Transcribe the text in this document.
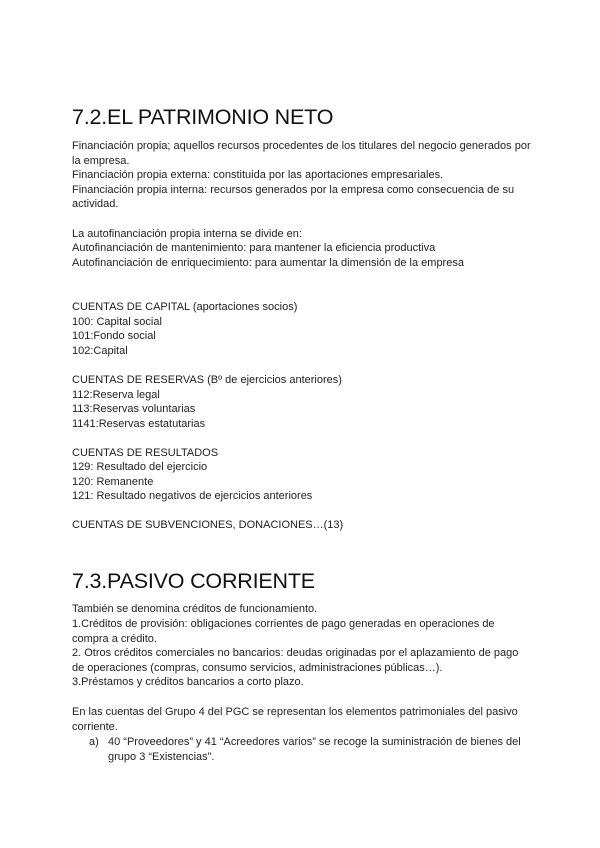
7.2.EL PATRIMONIO NETO

Financiación propia; aquellos recursos procedentes de los titulares del negocio generados por la empresa.

Financiación propia externa: constituida por las aportaciones empresariales.

Financiación propia interna: recursos generados por la empresa como consecuencia de su actividad.

La autofinanciación propia interna se divide en:
Autofinanciación de mantenimiento: para mantener la eficiencia productiva
Autofinanciación de enriquecimiento: para aumentar la dimensión de la empresa
CUENTAS DE CAPITAL (aportaciones socios)
100: Capital social
101:Fondo social
102:Capital
CUENTAS DE RESERVAS (Bº de ejercicios anteriores)
112:Reserva legal
113:Reservas voluntarias
1141:Reservas estatutarias
CUENTAS DE RESULTADOS
129: Resultado del ejercicio
120: Remanente
121: Resultado negativos de ejercicios anteriores
CUENTAS DE SUBVENCIONES, DONACIONES…(13)
7.3.PASIVO CORRIENTE
También se denomina créditos de funcionamiento.

1.Créditos de provisión: obligaciones corrientes de pago generadas en operaciones de compra a crédito.

2. Otros créditos comerciales no bancarios: deudas originadas por el aplazamiento de pago de operaciones (compras, consumo servicios, administraciones públicas…).

3.Préstamos y créditos bancarios a corto plazo.

En las cuentas del Grupo 4 del PGC se representan los elementos patrimoniales del pasivo corriente.
a) 40 “Proveedores” y 41 “Acreedores varios” se recoge la suministración de bienes del grupo 3 “Existencias”.
